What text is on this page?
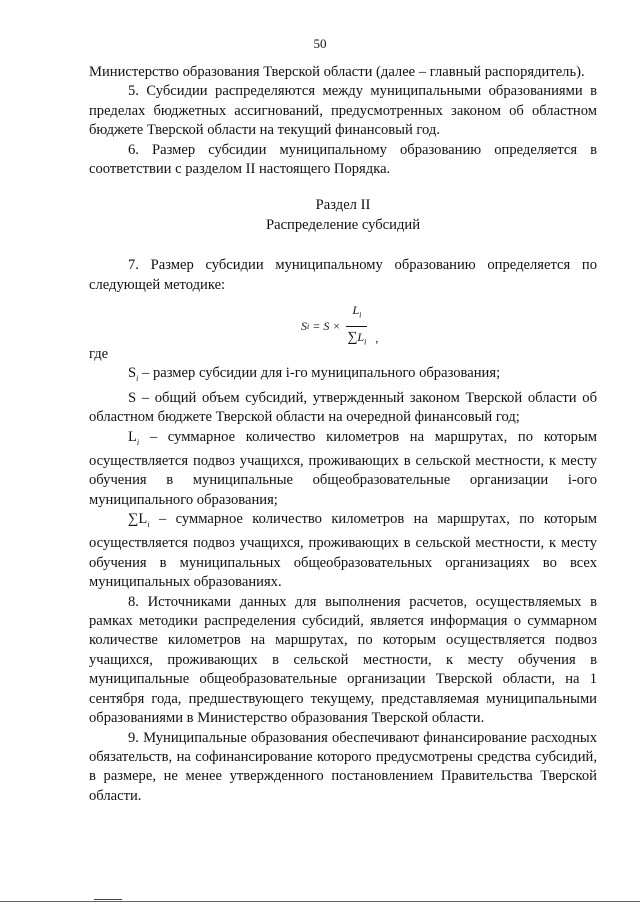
50

Министерство образования Тверской области (далее – главный распорядитель).

5. Субсидии распределяются между муниципальными образованиями в пределах бюджетных ассигнований, предусмотренных законом об областном бюджете Тверской области на текущий финансовый год.

6. Размер субсидии муниципальному образованию определяется в соответствии с разделом II настоящего Порядка.

Раздел II

Распределение субсидий

7. Размер субсидии муниципальному образованию определяется по следующей методике:

S $i = S \times \frac{L_i}{\sum L_i}$ ,

где

$S_i$ – размер субсидии для i-го муниципального образования;

S – общий объем субсидий, утвержденный законом Тверской области об областном бюджете Тверской области на очередной финансовый год;

$L_i$ – суммарное количество километров на маршрутах, по которым осуществляется подвоз учащихся, проживающих в сельской местности, к месту обучения в муниципальные общеобразовательные организации i-ого муниципального образования;

$\sum L_i$ – суммарное количество километров на маршрутах, по которым осуществляется подвоз учащихся, проживающих в сельской местности, к месту обучения в муниципальных общеобразовательных организациях во всех муниципальных образованиях.

8. Источниками данных для выполнения расчетов, осуществляемых в рамках методики распределения субсидий, является информация о суммарном количестве километров на маршрутах, по которым осуществляется подвоз учащихся, проживающих в сельской местности, к месту обучения в муниципальные общеобразовательные организации Тверской области, на 1 сентября года, предшествующего текущему, представляемая муниципальными образованиями в Министерство образования Тверской области.

9. Муниципальные образования обеспечивают финансирование расходных обязательств, на софинансирование которого предусмотрены средства субсидий, в размере, не менее утвержденного постановлением Правительства Тверской области.
